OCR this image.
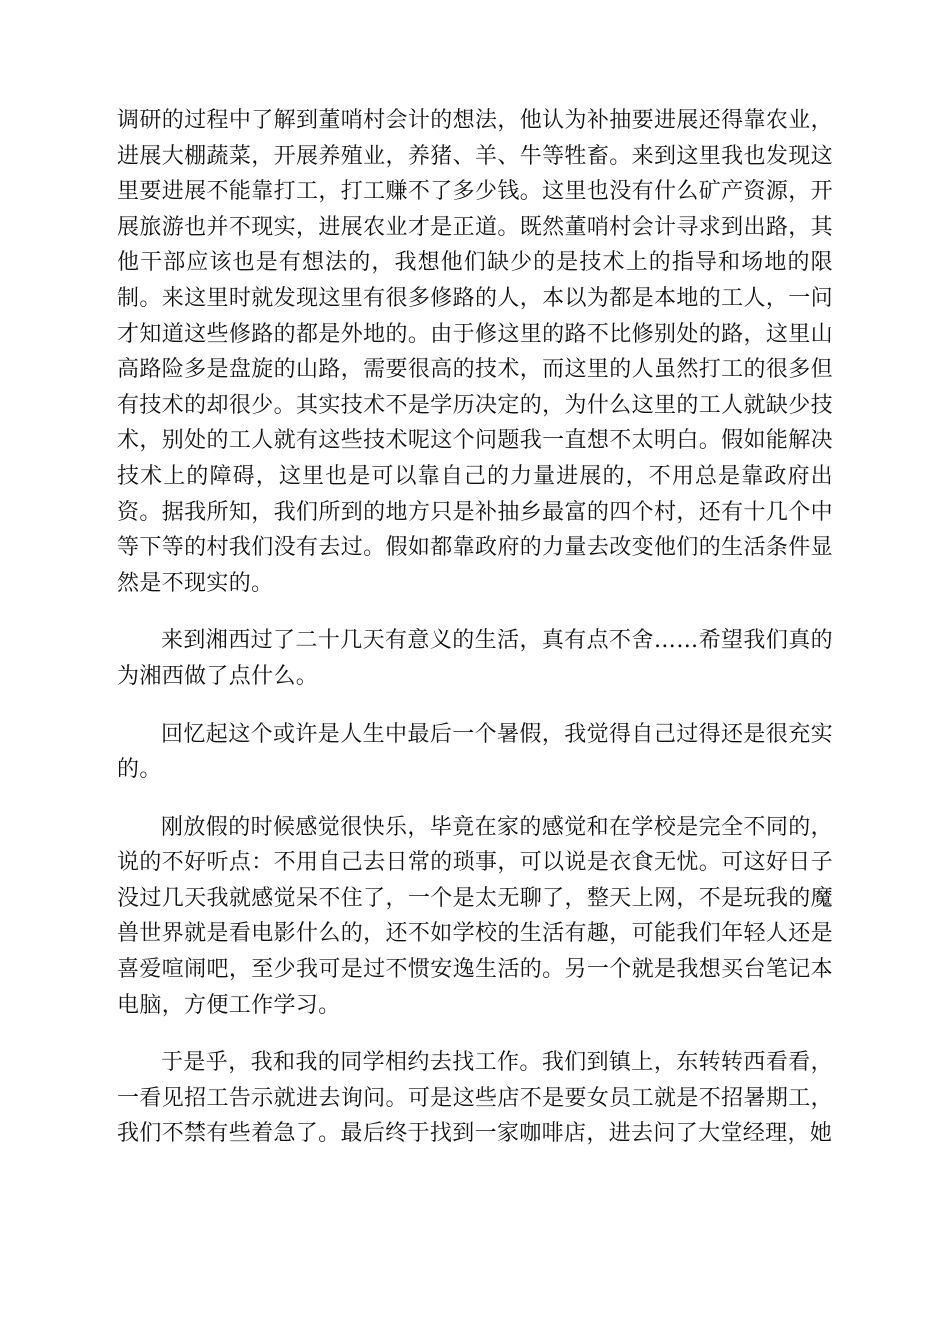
调研的过程中了解到董哨村会计的想法，他认为补抽要进展还得靠农业，进展大棚蔬菜，开展养殖业，养猪、羊、牛等牲畜。来到这里我也发现这里要进展不能靠打工，打工赚不了多少钱。这里也没有什么矿产资源，开展旅游也并不现实，进展农业才是正道。既然董哨村会计寻求到出路，其他干部应该也是有想法的，我想他们缺少的是技术上的指导和场地的限制。来这里时就发现这里有很多修路的人，本以为都是本地的工人，一问才知道这些修路的都是外地的。由于修这里的路不比修别处的路，这里山高路险多是盘旋的山路，需要很高的技术，而这里的人虽然打工的很多但有技术的却很少。其实技术不是学历决定的，为什么这里的工人就缺少技术，别处的工人就有这些技术呢这个问题我一直想不太明白。假如能解决技术上的障碍，这里也是可以靠自己的力量进展的，不用总是靠政府出资。据我所知，我们所到的地方只是补抽乡最富的四个村，还有十几个中等下等的村我们没有去过。假如都靠政府的力量去改变他们的生活条件显然是不现实的。

来到湘西过了二十几天有意义的生活，真有点不舍……希望我们真的为湘西做了点什么。

回忆起这个或许是人生中最后一个暑假，我觉得自己过得还是很充实的。

刚放假的时候感觉很快乐，毕竟在家的感觉和在学校是完全不同的，说的不好听点：不用自己去日常的琐事，可以说是衣食无忧。可这好日子没过几天我就感觉呆不住了，一个是太无聊了，整天上网，不是玩我的魔兽世界就是看电影什么的，还不如学校的生活有趣，可能我们年轻人还是喜爱喧闹吧，至少我可是过不惯安逸生活的。另一个就是我想买台笔记本电脑，方便工作学习。

于是乎，我和我的同学相约去找工作。我们到镇上，东转转西看看，一看见招工告示就进去询问。可是这些店不是要女员工就是不招暑期工，我们不禁有些着急了。最后终于找到一家咖啡店，进去问了大堂经理，她
